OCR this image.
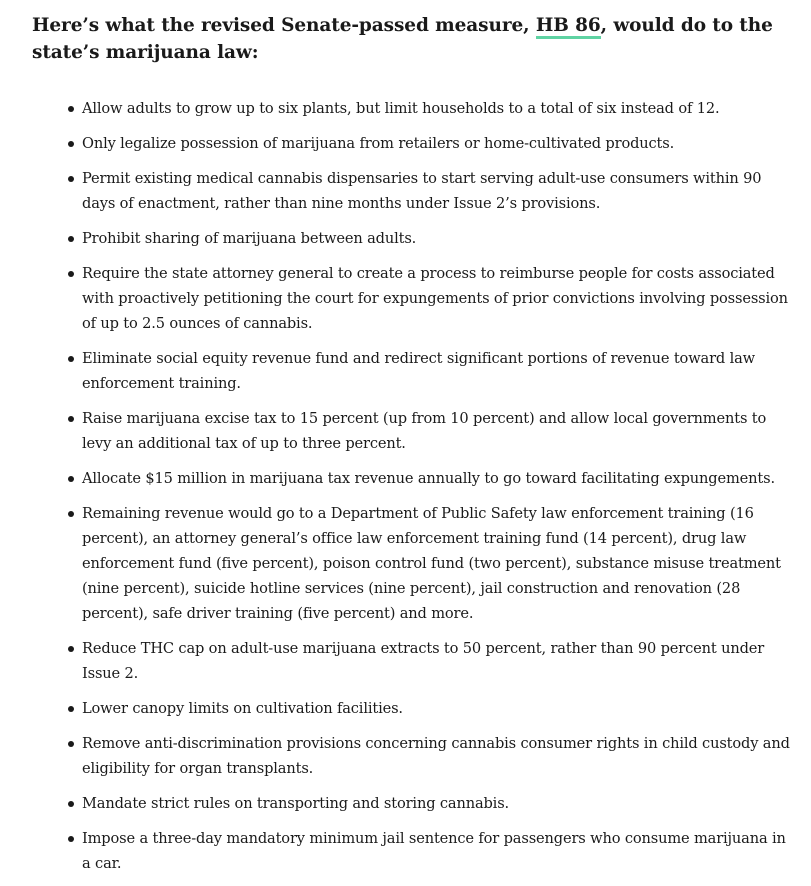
Here’s what the revised Senate-passed measure, HB 86, would do to the state’s marijuana law:

Allow adults to grow up to six plants, but limit households to a total of six instead of 12.
Only legalize possession of marijuana from retailers or home-cultivated products.
Permit existing medical cannabis dispensaries to start serving adult-use consumers within 90 days of enactment, rather than nine months under Issue 2’s provisions.
Prohibit sharing of marijuana between adults.
Require the state attorney general to create a process to reimburse people for costs associated with proactively petitioning the court for expungements of prior convictions involving possession of up to 2.5 ounces of cannabis.
Eliminate social equity revenue fund and redirect significant portions of revenue toward law enforcement training.
Raise marijuana excise tax to 15 percent (up from 10 percent) and allow local governments to levy an additional tax of up to three percent.
Allocate $15 million in marijuana tax revenue annually to go toward facilitating expungements.
Remaining revenue would go to a Department of Public Safety law enforcement training (16 percent), an attorney general’s office law enforcement training fund (14 percent), drug law enforcement fund (five percent), poison control fund (two percent), substance misuse treatment (nine percent), suicide hotline services (nine percent), jail construction and renovation (28 percent), safe driver training (five percent) and more.
Reduce THC cap on adult-use marijuana extracts to 50 percent, rather than 90 percent under Issue 2.
Lower canopy limits on cultivation facilities.
Remove anti-discrimination provisions concerning cannabis consumer rights in child custody and eligibility for organ transplants.
Mandate strict rules on transporting and storing cannabis.
Impose a three-day mandatory minimum jail sentence for passengers who consume marijuana in a car.
